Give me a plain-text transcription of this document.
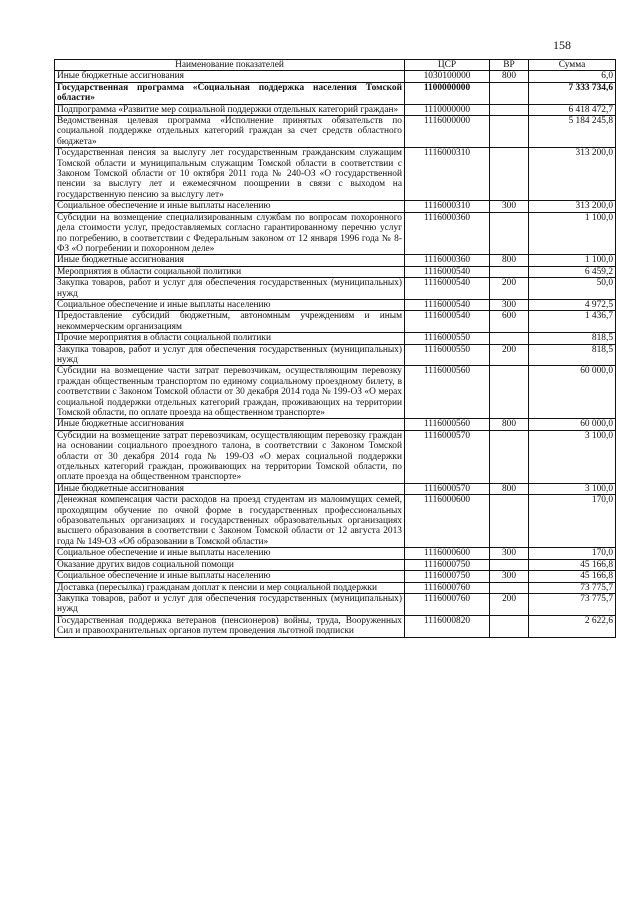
158
Наименование показателей	ЦСР	ВР	Сумма
Иные бюджетные ассигнования	1030100000	800	6,0
Государственная программа «Социальная поддержка населения Томской области»	1100000000		7 333 734,6
Подпрограмма «Развитие мер социальной поддержки отдельных категорий граждан»	1110000000		6 418 472,7
Ведомственная целевая программа «Исполнение принятых обязательств по социальной поддержке отдельных категорий граждан за счет средств областного бюджета»	1116000000		5 184 245,8
Государственная пенсия за выслугу лет государственным гражданским служащим Томской области и муниципальным служащим Томской области в соответствии с Законом Томской области от 10 октября 2011 года № 240-ОЗ «О государственной пенсии за выслугу лет и ежемесячном поощрении в связи с выходом на государственную пенсию за выслугу лет»	1116000310		313 200,0
Социальное обеспечение и иные выплаты населению	1116000310	300	313 200,0
Субсидии на возмещение специализированным службам по вопросам похоронного дела стоимости услуг, предоставляемых согласно гарантированному перечню услуг по погребению, в соответствии с Федеральным законом от 12 января 1996 года № 8-ФЗ «О погребении и похоронном деле»	1116000360		1 100,0
Иные бюджетные ассигнования	1116000360	800	1 100,0
Мероприятия в области социальной политики	1116000540		6 459,2
Закупка товаров, работ и услуг для обеспечения государственных (муниципальных) нужд	1116000540	200	50,0
Социальное обеспечение и иные выплаты населению	1116000540	300	4 972,5
Предоставление субсидий бюджетным, автономным учреждениям и иным некоммерческим организациям	1116000540	600	1 436,7
Прочие мероприятия в области социальной политики	1116000550		818,5
Закупка товаров, работ и услуг для обеспечения государственных (муниципальных) нужд	1116000550	200	818,5
Субсидии на возмещение части затрат перевозчикам, осуществляющим перевозку граждан общественным транспортом по единому социальному проездному билету, в соответствии с Законом Томской области от 30 декабря 2014 года № 199-ОЗ «О мерах социальной поддержки отдельных категорий граждан, проживающих на территории Томской области, по оплате проезда на общественном транспорте»	1116000560		60 000,0
Иные бюджетные ассигнования	1116000560	800	60 000,0
Субсидии на возмещение затрат перевозчикам, осуществляющим перевозку граждан на основании социального проездного талона, в соответствии с Законом Томской области от 30 декабря 2014 года № 199-ОЗ «О мерах социальной поддержки отдельных категорий граждан, проживающих на территории Томской области, по оплате проезда на общественном транспорте»	1116000570		3 100,0
Иные бюджетные ассигнования	1116000570	800	3 100,0
Денежная компенсация части расходов на проезд студентам из малоимущих семей, проходящим обучение по очной форме в государственных профессиональных образовательных организациях и государственных образовательных организациях высшего образования в соответствии с Законом Томской области от 12 августа 2013 года № 149-ОЗ «Об образовании в Томской области»	1116000600		170,0
Социальное обеспечение и иные выплаты населению	1116000600	300	170,0
Оказание других видов социальной помощи	1116000750		45 166,8
Социальное обеспечение и иные выплаты населению	1116000750	300	45 166,8
Доставка (пересылка) гражданам доплат к пенсии и мер социальной поддержки	1116000760		73 775,7
Закупка товаров, работ и услуг для обеспечения государственных (муниципальных) нужд	1116000760	200	73 775,7
Государственная поддержка ветеранов (пенсионеров) войны, труда, Вооруженных Сил и правоохранительных органов путем проведения льготной подписки	1116000820		2 622,6
